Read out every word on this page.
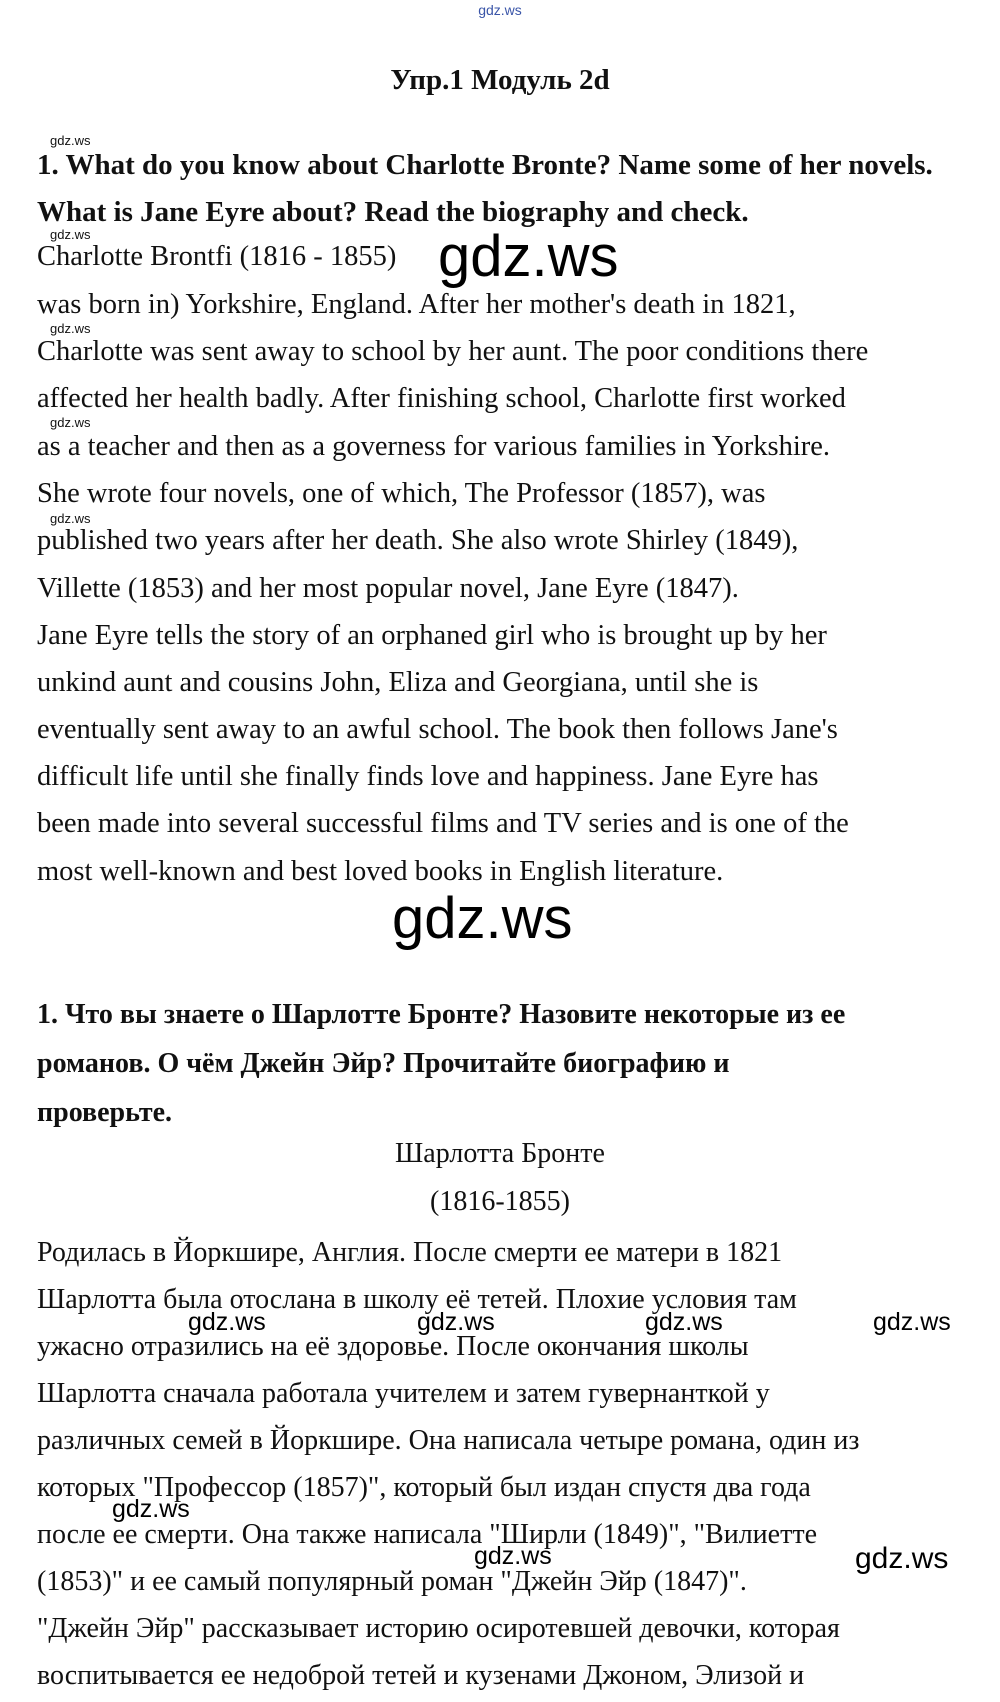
gdz.ws
Упр.1 Модуль 2d
gdz.ws
gdz.ws
gdz.ws
gdz.ws
gdz.ws
1. What do you know about Charlotte Bronte? Name some of her novels. What is Jane Eyre about? Read the biography and check.
Charlotte Brontfi (1816 - 1855) gdz.ws
was born in) Yorkshire, England. After her mother's death in 1821,
Charlotte was sent away to school by her aunt. The poor conditions there
affected her health badly. After finishing school, Charlotte first worked
as a teacher and then as a governess for various families in Yorkshire.
She wrote four novels, one of which, The Professor (1857), was
published two years after her death. She also wrote Shirley (1849),
Villette (1853) and her most popular novel, Jane Eyre (1847).
Jane Eyre tells the story of an orphaned girl who is brought up by her
unkind aunt and cousins John, Eliza and Georgiana, until she is
eventually sent away to an awful school. The book then follows Jane's
difficult life until she finally finds love and happiness. Jane Eyre has
been made into several successful films and TV series and is one of the
most well-known and best loved books in English literature.
gdz.ws
1. Что вы знаете о Шарлотте Бронте? Назовите некоторые из ее
романов. О чём Джейн Эйр? Прочитайте биографию и
проверьте.
Шарлотта Бронте
(1816-1855)
Родилась в Йоркшире, Англия. После смерти ее матери в 1821
Шарлотта была отослана в школу её тетей. Плохие условия там
gdz.ws	gdz.ws	gdz.ws	gdz.ws
ужасно отразились на её здоровье. После окончания школы
Шарлотта сначала работала учителем и затем гувернанткой у
различных семей в Йоркшире. Она написала четыре романа, один из
которых "Профессор (1857)", который был издан спустя два года
gdz.ws
после ее смерти. Она также написала "Ширли (1849)", "Вилиетте
gdz.ws	gdz.ws
(1853)" и ее самый популярный роман "Джейн Эйр (1847)".
"Джейн Эйр" рассказывает историю осиротевшей девочки, которая
воспитывается ее недоброй тетей и кузенами Джоном, Элизой и
